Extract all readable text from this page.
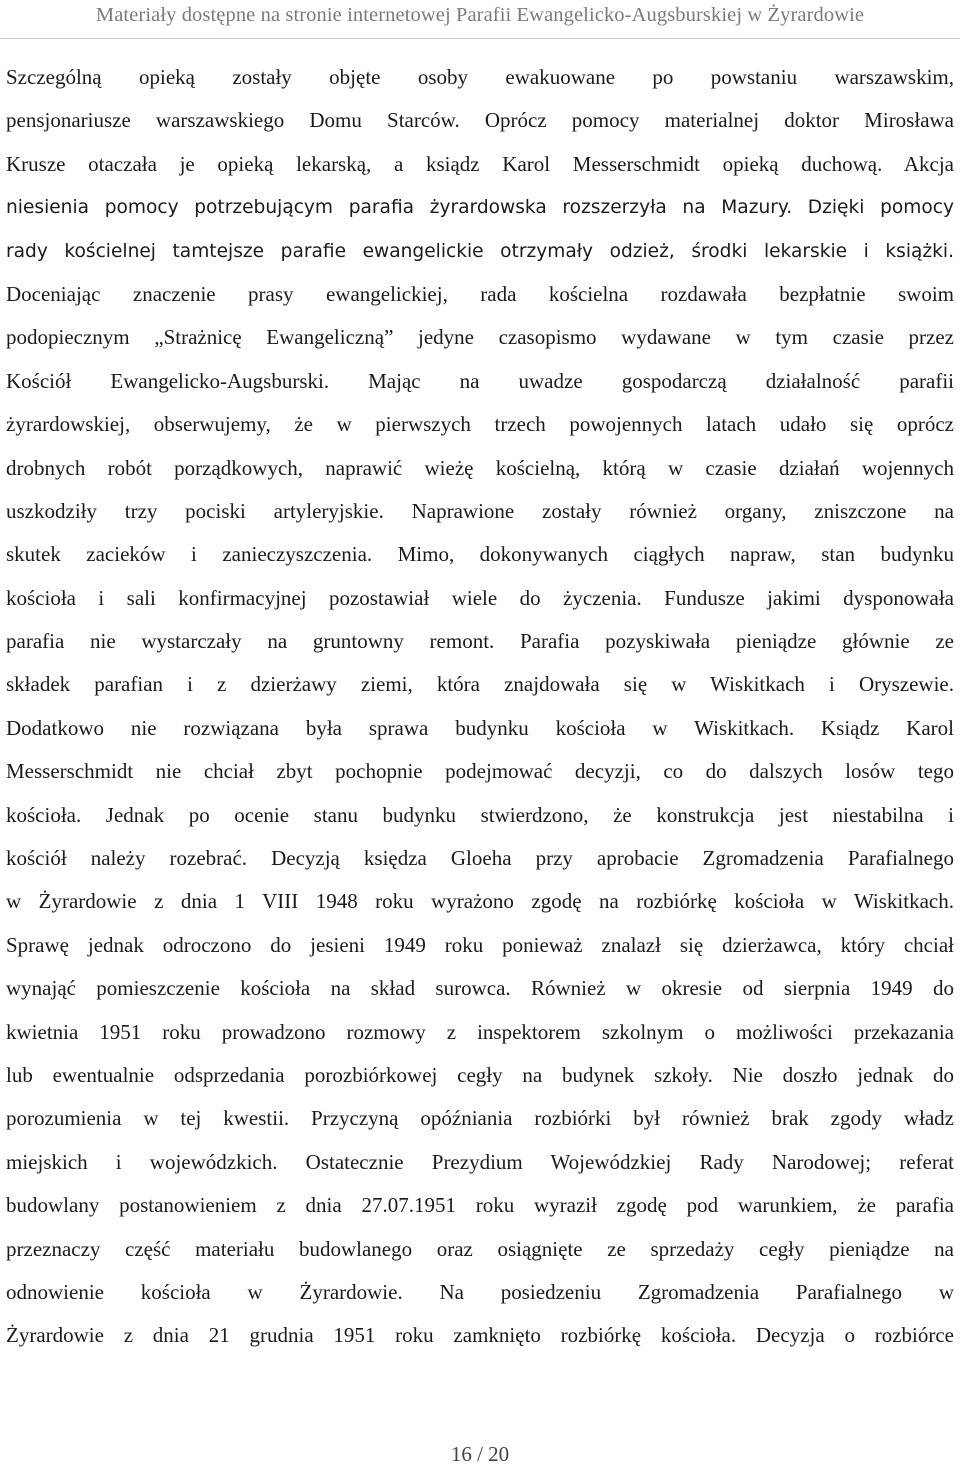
Materiały dostępne na stronie internetowej Parafii Ewangelicko-Augsburskiej w Żyrardowie
Szczególną opieką zostały objęte osoby ewakuowane po powstaniu warszawskim,
pensjonariusze warszawskiego Domu Starców. Oprócz pomocy materialnej doktor Mirosława
Krusze otaczała je opieką lekarską, a ksiądz Karol Messerschmidt opieką duchową. Akcja
niesienia pomocy potrzebującym parafia żyrardowska rozszerzyła na Mazury. Dzięki pomocy
rady kościelnej tamtejsze parafie ewangelickie otrzymały odzież, środki lekarskie i książki.
Doceniając znaczenie prasy ewangelickiej, rada kościelna rozdawała bezpłatnie swoim
podopiecznym „Strażnicę Ewangeliczną” jedyne czasopismo wydawane w tym czasie przez
Kościół Ewangelicko-Augsburski. Mając na uwadze gospodarczą działalność parafii
żyrardowskiej, obserwujemy, że w pierwszych trzech powojennych latach udało się oprócz
drobnych robót porządkowych, naprawić wieżę kościelną, którą w czasie działań wojennych
uszkodziły trzy pociski artyleryjskie. Naprawione zostały również organy, zniszczone na
skutek zacieków i zanieczyszczenia. Mimo, dokonywanych ciągłych napraw, stan budynku
kościoła i sali konfirmacyjnej pozostawiał wiele do życzenia. Fundusze jakimi dysponowała
parafia nie wystarczały na gruntowny remont. Parafia pozyskiwała pieniądze głównie ze
składek parafian i z dzierżawy ziemi, która znajdowała się w Wiskitkach i Oryszewie.
Dodatkowo nie rozwiązana była sprawa budynku kościoła w Wiskitkach. Ksiądz Karol
Messerschmidt nie chciał zbyt pochopnie podejmować decyzji, co do dalszych losów tego
kościoła. Jednak po ocenie stanu budynku stwierdzono, że konstrukcja jest niestabilna i
kościół należy rozebrać. Decyzją księdza Gloeha przy aprobacie Zgromadzenia Parafialnego
w Żyrardowie z dnia 1 VIII 1948 roku wyrażono zgodę na rozbiórkę kościoła w Wiskitkach.
Sprawę jednak odroczono do jesieni 1949 roku ponieważ znalazł się dzierżawca, który chciał
wynająć pomieszczenie kościoła na skład surowca. Również w okresie od sierpnia 1949 do
kwietnia 1951 roku prowadzono rozmowy z inspektorem szkolnym o możliwości przekazania
lub ewentualnie odsprzedania porozbiórkowej cegły na budynek szkoły. Nie doszło jednak do
porozumienia w tej kwestii. Przyczyną opóźniania rozbiórki był również brak zgody władz
miejskich i wojewódzkich. Ostatecznie Prezydium Wojewódzkiej Rady Narodowej; referat
budowlany postanowieniem z dnia 27.07.1951 roku wyraził zgodę pod warunkiem, że parafia
przeznaczy część materiału budowlanego oraz osiągnięte ze sprzedaży cegły pieniądze na
odnowienie kościoła w Żyrardowie. Na posiedzeniu Zgromadzenia Parafialnego w
Żyrardowie z dnia 21 grudnia 1951 roku zamknięto rozbiórkę kościoła. Decyzja o rozbiórce
16 / 20
